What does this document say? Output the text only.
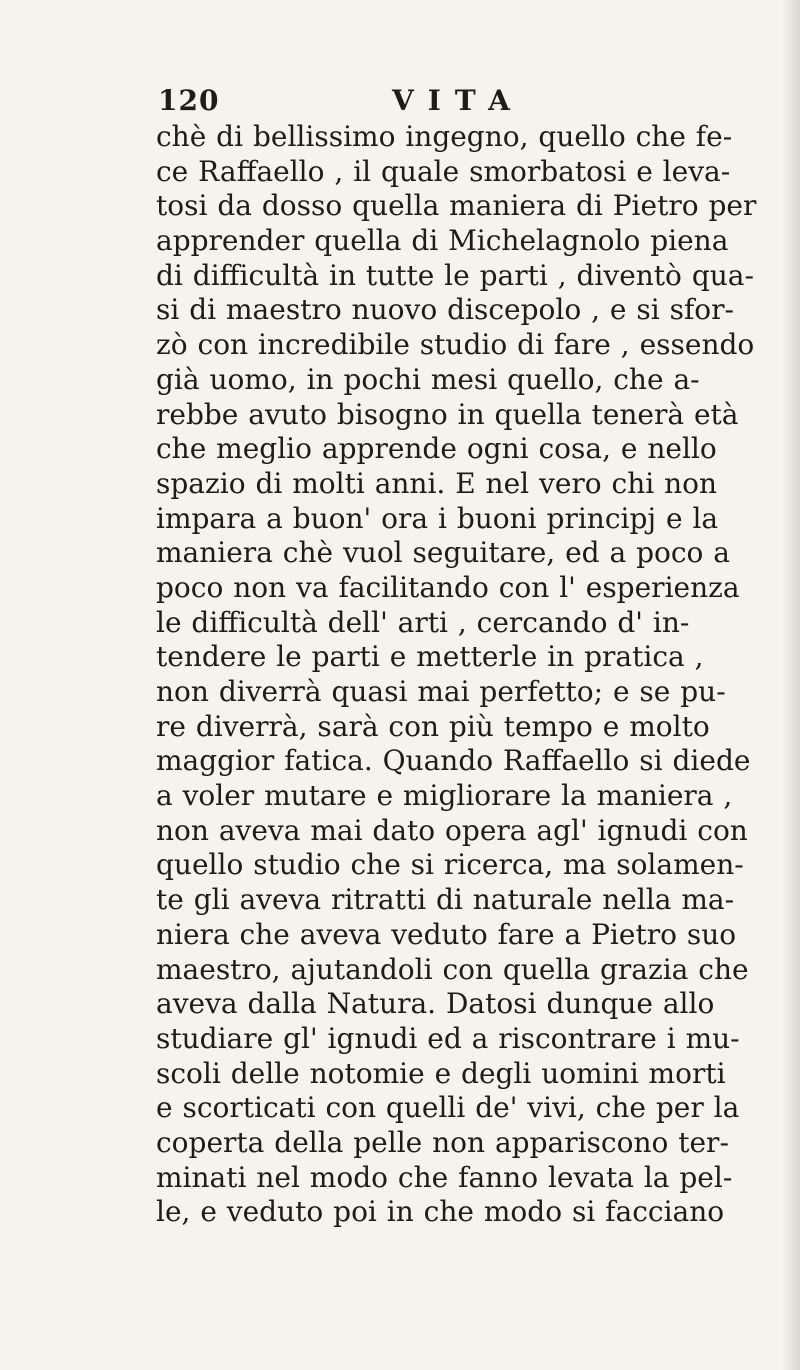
120	VITA
chè di bellissimo ingegno, quello che fe-
ce Raffaello , il quale smorbatosi e leva-
tosi da dosso quella maniera di Pietro per
apprender quella di Michelagnolo piena
di difficultà in tutte le parti , diventò qua-
si di maestro nuovo discepolo , e si sfor-
zò con incredibile studio di fare , essendo
già uomo, in pochi mesi quello, che a-
rebbe avuto bisogno in quella tenerà età
che meglio apprende ogni cosa, e nello
spazio di molti anni. E nel vero chi non
impara a buon' ora i buoni principj e la
maniera chè vuol seguitare, ed a poco a
poco non va facilitando con l' esperienza
le difficultà dell' arti , cercando d' in-
tendere le parti e metterle in pratica ,
non diverrà quasi mai perfetto; e se pu-
re diverrà, sarà con più tempo e molto
maggior fatica. Quando Raffaello si diede
a voler mutare e migliorare la maniera ,
non aveva mai dato opera agl' ignudi con
quello studio che si ricerca, ma solamen-
te gli aveva ritratti di naturale nella ma-
niera che aveva veduto fare a Pietro suo
maestro, ajutandoli con quella grazia che
aveva dalla Natura. Datosi dunque allo
studiare gl' ignudi ed a riscontrare i mu-
scoli delle notomie e degli uomini morti
e scorticati con quelli de' vivi, che per la
coperta della pelle non appariscono ter-
minati nel modo che fanno levata la pel-
le, e veduto poi in che modo si facciano
